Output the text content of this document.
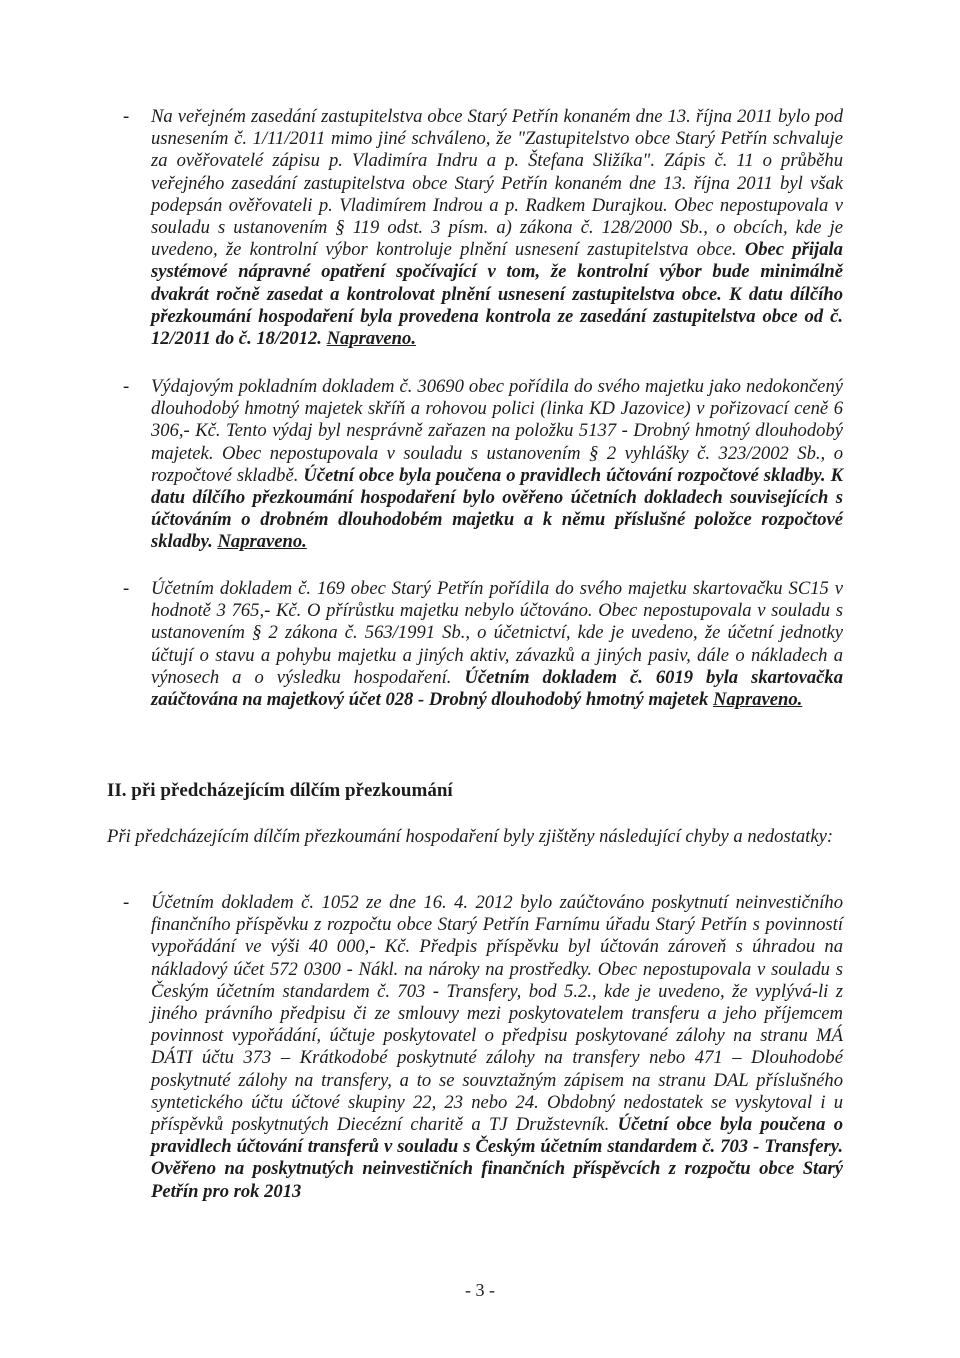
- Na veřejném zasedání zastupitelstva obce Starý Petřín konaném dne 13. října 2011 bylo pod usnesením č. 1/11/2011 mimo jiné schváleno, že "Zastupitelstvo obce Starý Petřín schvaluje za ověřovatelé zápisu p. Vladimíra Indru a p. Štefana Sližíka". Zápis č. 11 o průběhu veřejného zasedání zastupitelstva obce Starý Petřín konaném dne 13. října 2011 byl však podepsán ověřovateli p. Vladimírem Indrou a p. Radkem Durajkou. Obec nepostupovala v souladu s ustanovením § 119 odst. 3 písm. a) zákona č. 128/2000 Sb., o obcích, kde je uvedeno, že kontrolní výbor kontroluje plnění usnesení zastupitelstva obce. Obec přijala systémové nápravné opatření spočívající v tom, že kontrolní výbor bude minimálně dvakrát ročně zasedat a kontrolovat plnění usnesení zastupitelstva obce. K datu dílčího přezkoumání hospodaření byla provedena kontrola ze zasedání zastupitelstva obce od č. 12/2011 do č. 18/2012. Napraveno.
- Výdajovým pokladním dokladem č. 30690 obec pořídila do svého majetku jako nedokončený dlouhodobý hmotný majetek skříň a rohovou polici (linka KD Jazovice) v pořizovací ceně 6 306,- Kč. Tento výdaj byl nesprávně zařazen na položku 5137 - Drobný hmotný dlouhodobý majetek. Obec nepostupovala v souladu s ustanovením § 2 vyhlášky č. 323/2002 Sb., o rozpočtové skladbě. Účetní obce byla poučena o pravidlech účtování rozpočtové skladby. K datu dílčího přezkoumání hospodaření bylo ověřeno účetních dokladech souvisejících s účtováním o drobném dlouhodobém majetku a k němu příslušné položce rozpočtové skladby. Napraveno.
- Účetním dokladem č. 169 obec Starý Petřín pořídila do svého majetku skartovačku SC15 v hodnotě 3 765,- Kč. O přírůstku majetku nebylo účtováno. Obec nepostupovala v souladu s ustanovením § 2 zákona č. 563/1991 Sb., o účetnictví, kde je uvedeno, že účetní jednotky účtují o stavu a pohybu majetku a jiných aktiv, závazků a jiných pasiv, dále o nákladech a výnosech a o výsledku hospodaření. Účetním dokladem č. 6019 byla skartovačka zaúčtována na majetkový účet 028 - Drobný dlouhodobý hmotný majetek Napraveno.
II. při předcházejícím dílčím přezkoumání
Při předcházejícím dílčím přezkoumání hospodaření byly zjištěny následující chyby a nedostatky:
- Účetním dokladem č. 1052 ze dne 16. 4. 2012 bylo zaúčtováno poskytnutí neinvestičního finančního příspěvku z rozpočtu obce Starý Petřín Farnímu úřadu Starý Petřín s povinností vypořádání ve výši 40 000,- Kč. Předpis příspěvku byl účtován zároveň s úhradou na nákladový účet 572 0300 - Nákl. na nároky na prostředky. Obec nepostupovala v souladu s Českým účetním standardem č. 703 - Transfery, bod 5.2., kde je uvedeno, že vyplývá-li z jiného právního předpisu či ze smlouvy mezi poskytovatelem transferu a jeho příjemcem povinnost vypořádání, účtuje poskytovatel o předpisu poskytované zálohy na stranu MÁ DÁTI účtu 373 – Krátkodobé poskytnuté zálohy na transfery nebo 471 – Dlouhodobé poskytnuté zálohy na transfery, a to se souvztažným zápisem na stranu DAL příslušného syntetického účtu účtové skupiny 22, 23 nebo 24. Obdobný nedostatek se vyskytoval i u příspěvků poskytnutých Diecézní charitě a TJ Družstevník. Účetní obce byla poučena o pravidlech účtování transferů v souladu s Českým účetním standardem č. 703 - Transfery. Ověřeno na poskytnutých neinvestičních finančních příspěvcích z rozpočtu obce Starý Petřín pro rok 2013
- 3 -
